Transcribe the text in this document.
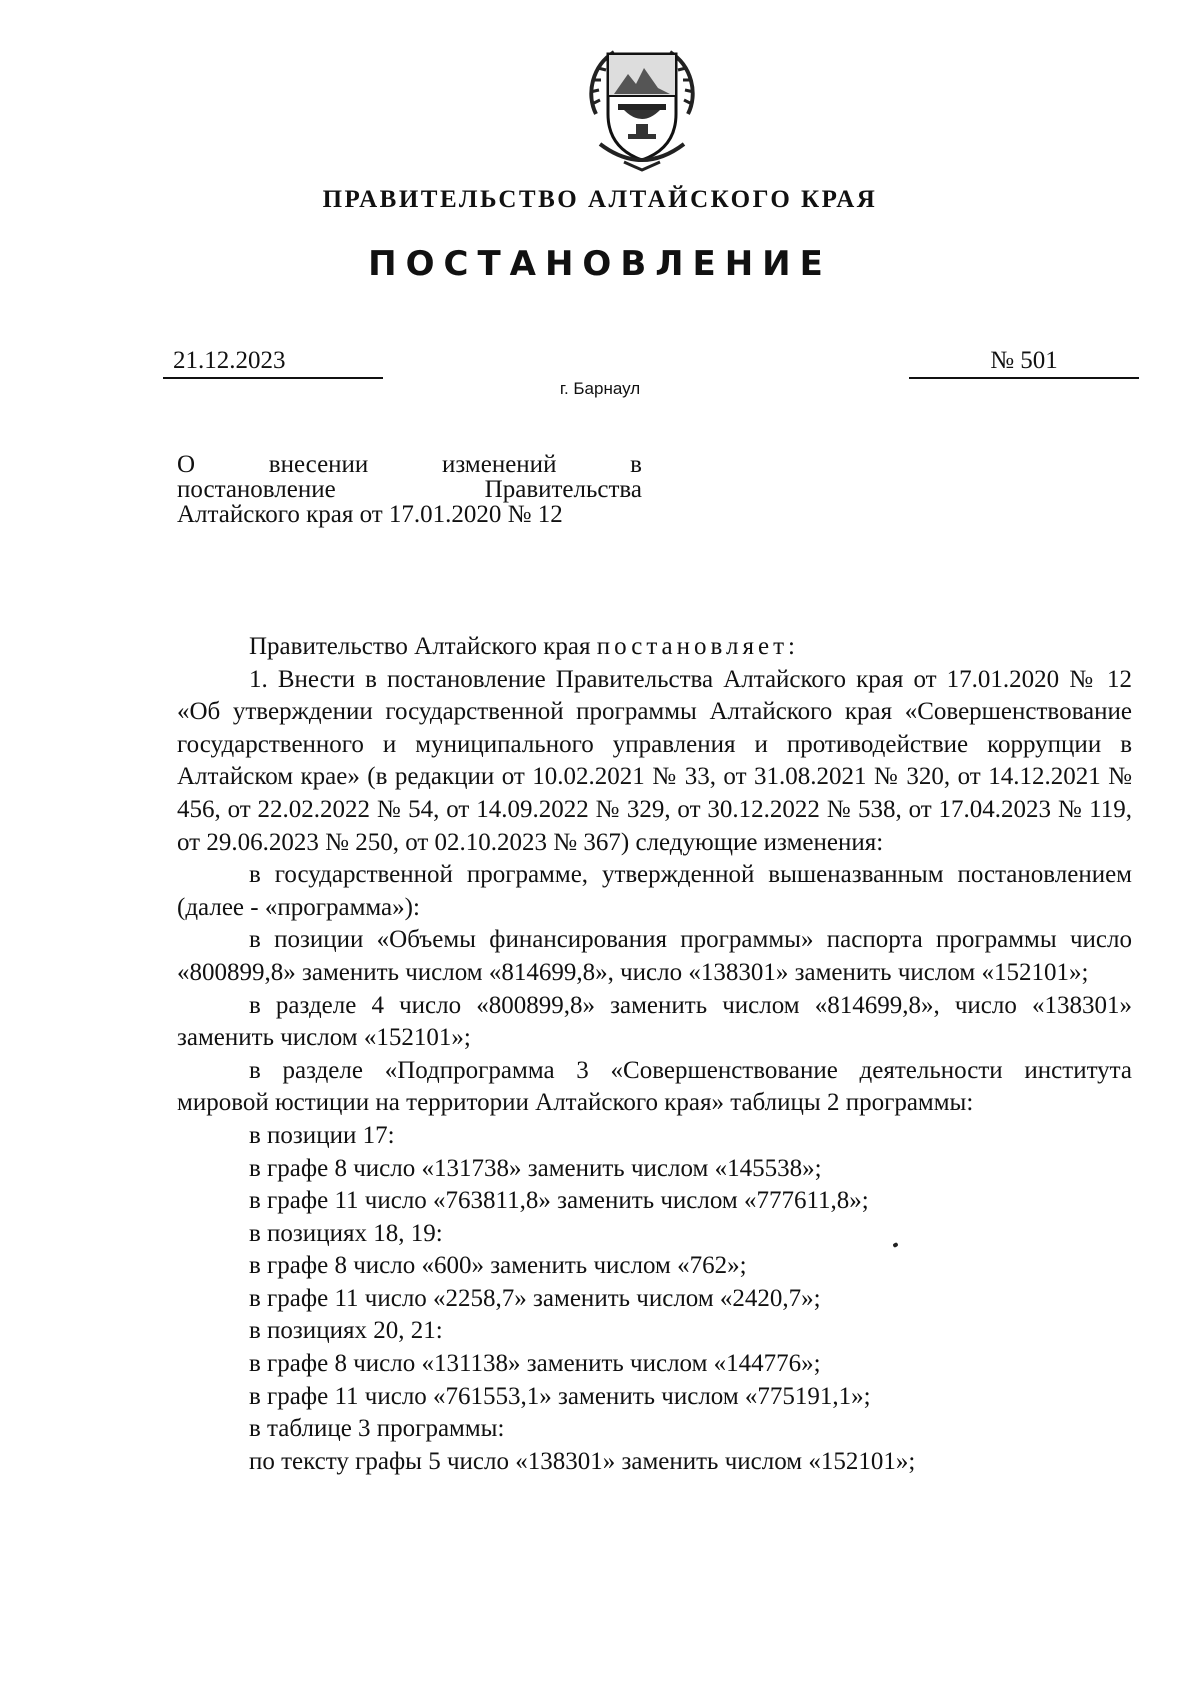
ПРАВИТЕЛЬСТВО АЛТАЙСКОГО КРАЯ
ПОСТАНОВЛЕНИЕ
21.12.2023	№ 501
г. Барнаул
О	внесении	изменений	в
постановление	Правительства
Алтайского края от 17.01.2020 № 12

Правительство Алтайского края постановляет:

1. Внести в постановление Правительства Алтайского края от 17.01.2020 № 12 «Об утверждении государственной программы Алтайского края «Совершенствование государственного и муниципального управления и противодействие коррупции в Алтайском крае» (в редакции от 10.02.2021 № 33, от 31.08.2021 № 320, от 14.12.2021 № 456, от 22.02.2022 № 54, от 14.09.2022 № 329, от 30.12.2022 № 538, от 17.04.2023 № 119, от 29.06.2023 № 250, от 02.10.2023 № 367) следующие изменения:

в государственной программе, утвержденной вышеназванным постановлением (далее - «программа»):

в позиции «Объемы финансирования программы» паспорта программы число «800899,8» заменить числом «814699,8», число «138301» заменить числом «152101»;

в разделе 4 число «800899,8» заменить числом «814699,8», число «138301» заменить числом «152101»;

в разделе «Подпрограмма 3 «Совершенствование деятельности института мировой юстиции на территории Алтайского края» таблицы 2 программы:

в позиции 17:

в графе 8 число «131738» заменить числом «145538»;

в графе 11 число «763811,8» заменить числом «777611,8»;

в позициях 18, 19:

в графе 8 число «600» заменить числом «762»;

в графе 11 число «2258,7» заменить числом «2420,7»;

в позициях 20, 21:

в графе 8 число «131138» заменить числом «144776»;

в графе 11 число «761553,1» заменить числом «775191,1»;

в таблице 3 программы:

по тексту графы 5 число «138301» заменить числом «152101»;
